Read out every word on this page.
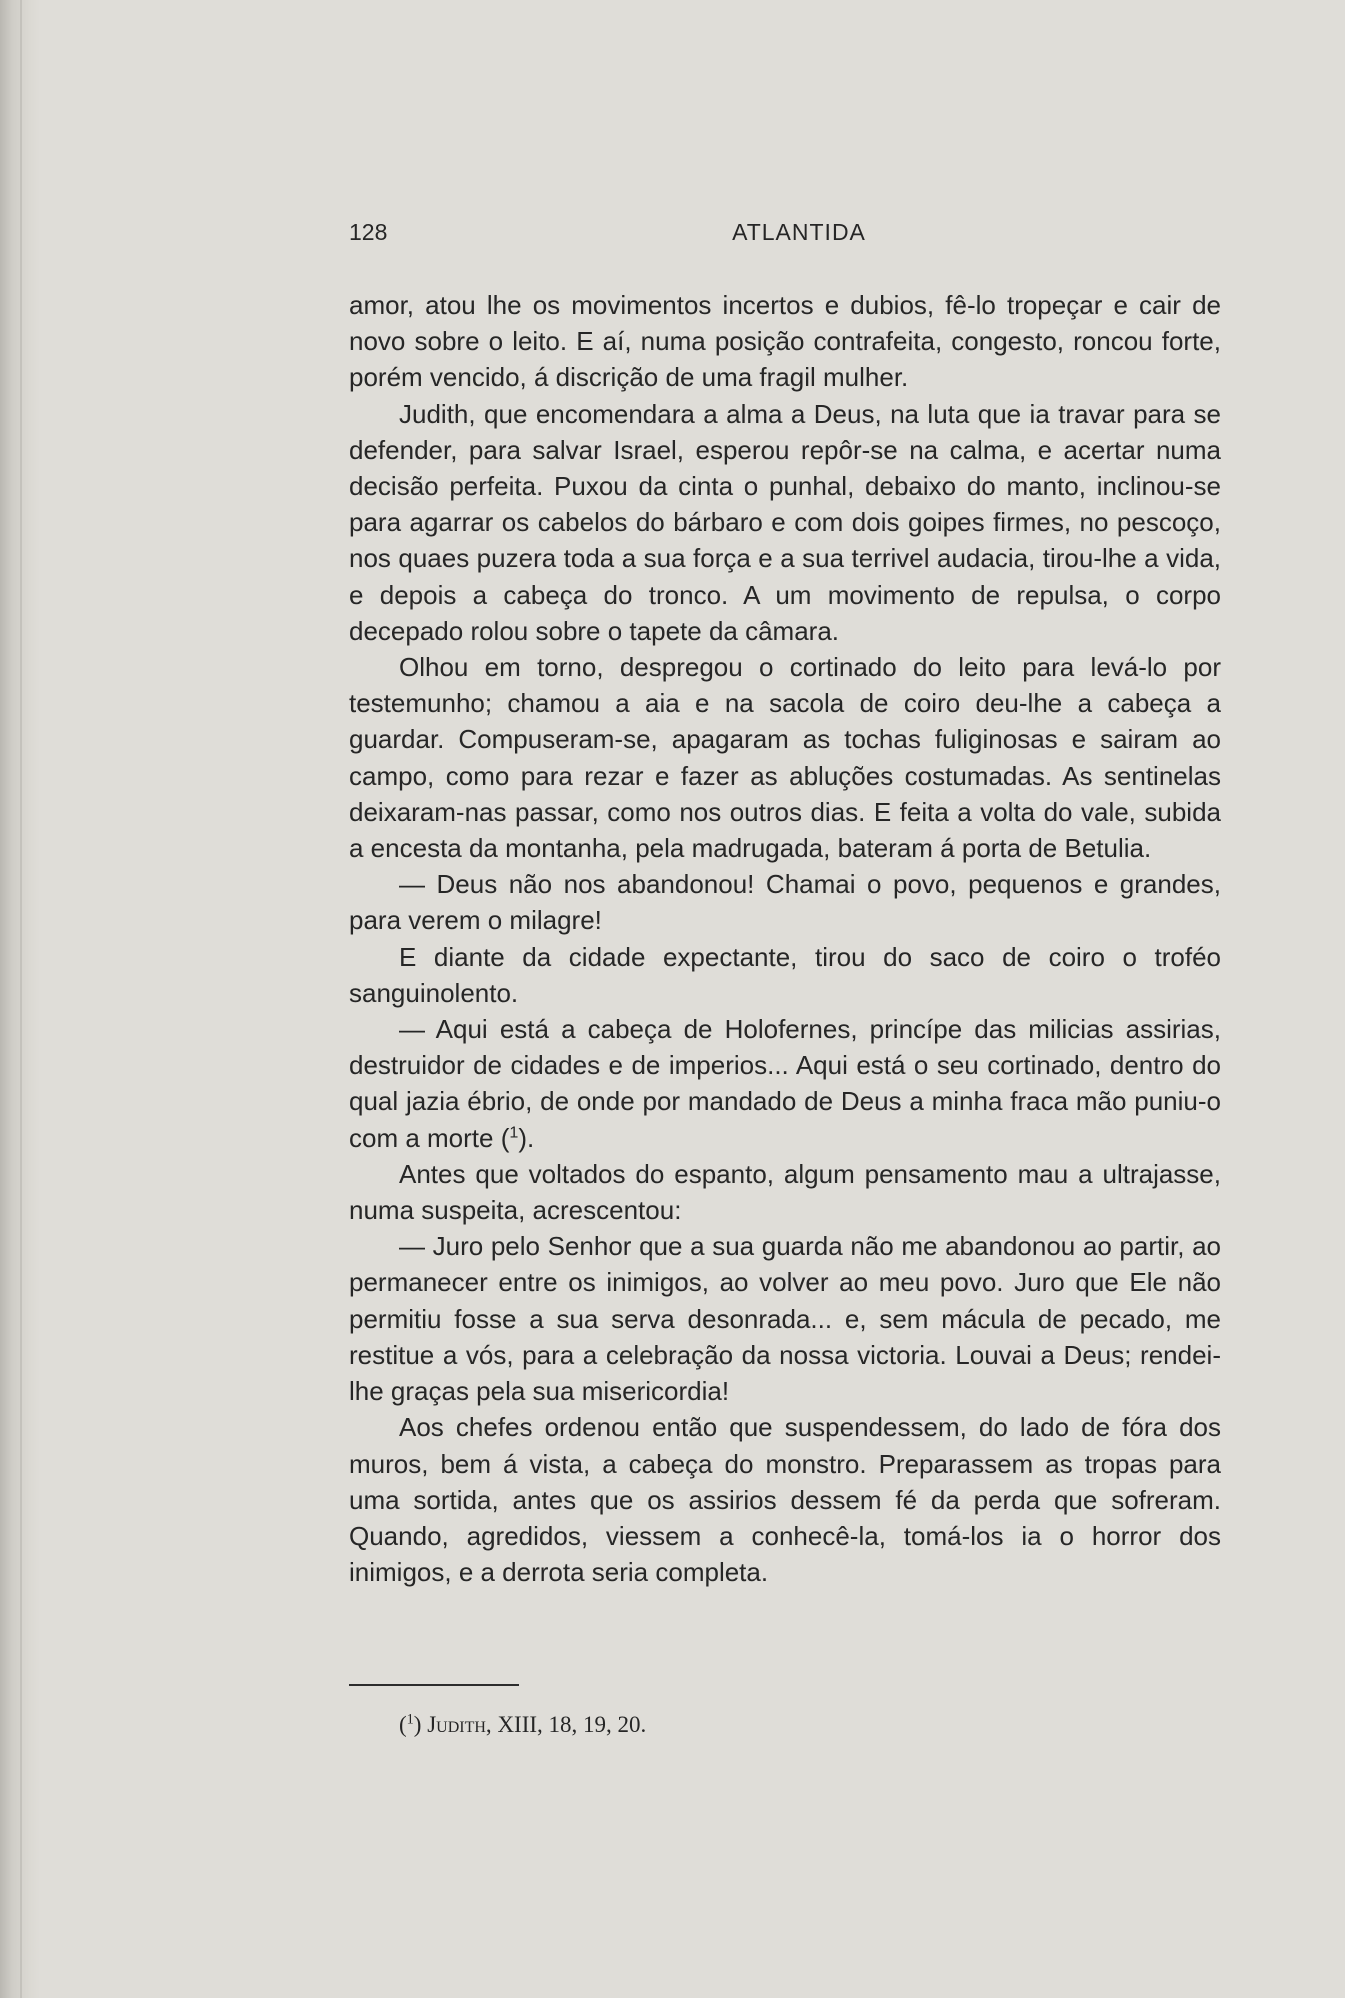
128	ATLANTIDA

amor, atou lhe os movimentos incertos e dubios, fê-lo tropeçar e cair de novo sobre o leito. E aí, numa posição contrafeita, congesto, roncou forte, porém vencido, á discrição de uma fragil mulher.

Judith, que encomendara a alma a Deus, na luta que ia travar para se defender, para salvar Israel, esperou repôr-se na calma, e acertar numa decisão perfeita. Puxou da cinta o punhal, debaixo do manto, inclinou-se para agarrar os cabelos do bárbaro e com dois goipes firmes, no pescoço, nos quaes puzera toda a sua força e a sua terrivel audacia, tirou-lhe a vida, e depois a cabeça do tronco. A um movimento de repulsa, o corpo decepado rolou sobre o tapete da câmara.

Olhou em torno, despregou o cortinado do leito para levá-lo por testemunho; chamou a aia e na sacola de coiro deu-lhe a cabeça a guardar. Compuseram-se, apagaram as tochas fuliginosas e sairam ao campo, como para rezar e fazer as abluções costumadas. As sentinelas deixaram-nas passar, como nos outros dias. E feita a volta do vale, subida a encesta da montanha, pela madrugada, bateram á porta de Betulia.

— Deus não nos abandonou! Chamai o povo, pequenos e grandes, para verem o milagre!

E diante da cidade expectante, tirou do saco de coiro o troféo sanguinolento.

— Aqui está a cabeça de Holofernes, princípe das milicias assirias, destruidor de cidades e de imperios... Aqui está o seu cortinado, dentro do qual jazia ébrio, de onde por mandado de Deus a minha fraca mão puniu-o com a morte ($^1$).

Antes que voltados do espanto, algum pensamento mau a ultrajasse, numa suspeita, acrescentou:

— Juro pelo Senhor que a sua guarda não me abandonou ao partir, ao permanecer entre os inimigos, ao volver ao meu povo. Juro que Ele não permitiu fosse a sua serva desonrada... e, sem mácula de pecado, me restitue a vós, para a celebração da nossa victoria. Louvai a Deus; rendei-lhe graças pela sua misericordia!

Aos chefes ordenou então que suspendessem, do lado de fóra dos muros, bem á vista, a cabeça do monstro. Preparassem as tropas para uma sortida, antes que os assirios dessem fé da perda que sofreram. Quando, agredidos, viessem a conhecê-la, tomá-los ia o horror dos inimigos, e a derrota seria completa.

($^1$) Judith, XIII, 18, 19, 20.
